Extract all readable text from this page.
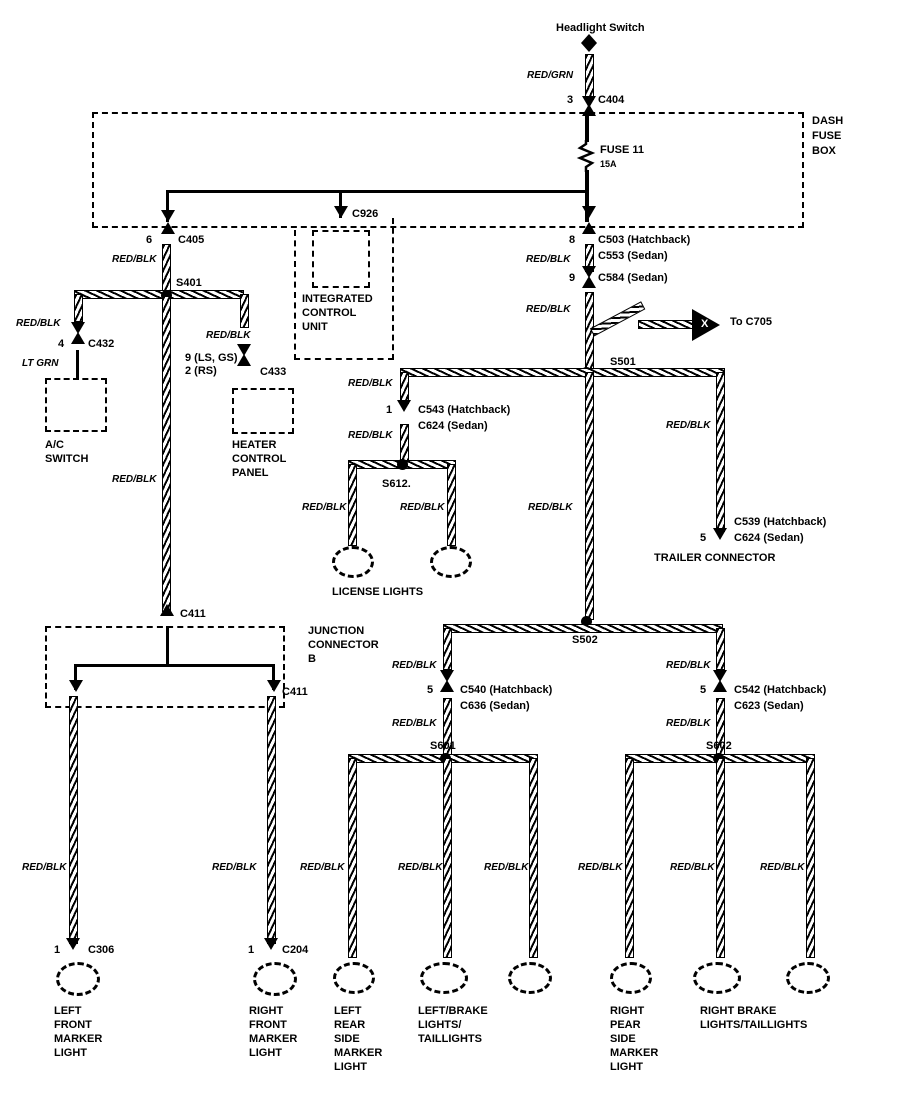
Headlight Switch
RED/GRN
3 C404
DASH
FUSE
BOX
FUSE 11
15A
C926
6 C405	8 C503 (Hatchback)
C553 (Sedan)
RED/BLK
S401
RED/BLK
4 C432
LT GRN
A/C
SWITCH
RED/BLK
9 (LS, GS)
2 (RS)	C433
HEATER
CONTROL
PANEL
INTEGRATED
CONTROL
UNIT
RED/BLK
C411
JUNCTION
CONNECTOR
B
C411
RED/BLK
1	C306
LEFT
FRONT
MARKER
LIGHT
RED/BLK
1	C204
RIGHT
FRONT
MARKER
LIGHT
RED/BLK
9 C584 (Sedan)
RED/BLK
X To C705
S501
RED/BLK
1 C543 (Hatchback)
C624 (Sedan)
RED/BLK
S612.
RED/BLK	RED/BLK
LICENSE LIGHTS
RED/BLK
5
C539 (Hatchback)
C624 (Sedan)
TRAILER CONNECTOR
RED/BLK
S502
RED/BLK
5 C540 (Hatchback)
C636 (Sedan)
RED/BLK
S601
RED/BLK	RED/BLK	RED/BLK
LEFT
REAR
SIDE
MARKER
LIGHT
LEFT/BRAKE
LIGHTS/
TAILLIGHTS
RED/BLK
5	C542 (Hatchback)
C623 (Sedan)
RED/BLK
S602
RED/BLK	RED/BLK	RED/BLK
RIGHT
PEAR
SIDE
MARKER
LIGHT
RIGHT BRAKE
LIGHTS/TAILLIGHTS
